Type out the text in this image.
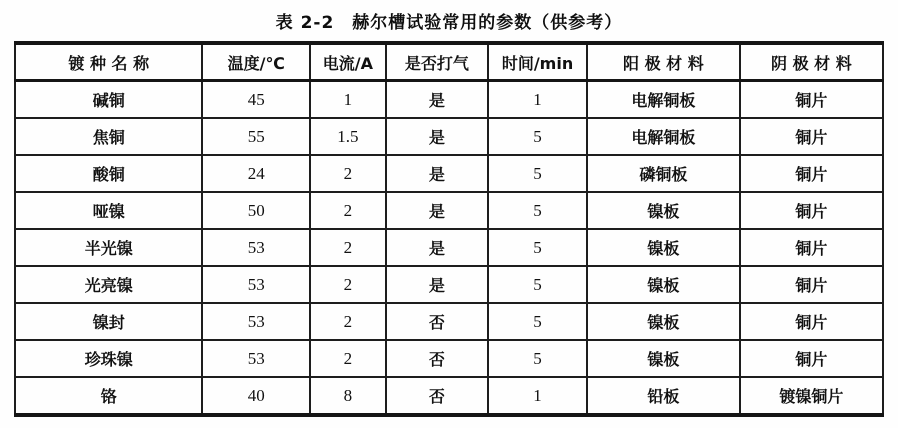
表 2-2　赫尔槽试验常用的参数（供参考）
镀 种 名 称	温度/℃	电流/A	是否打气	时间/min	阳 极 材 料	阴 极 材 料
碱铜	45	1	是	1	电解铜板	铜片
焦铜	55	1.5	是	5	电解铜板	铜片
酸铜	24	2	是	5	磷铜板	铜片
哑镍	50	2	是	5	镍板	铜片
半光镍	53	2	是	5	镍板	铜片
光亮镍	53	2	是	5	镍板	铜片
镍封	53	2	否	5	镍板	铜片
珍珠镍	53	2	否	5	镍板	铜片
铬	40	8	否	1	铅板	镀镍铜片
